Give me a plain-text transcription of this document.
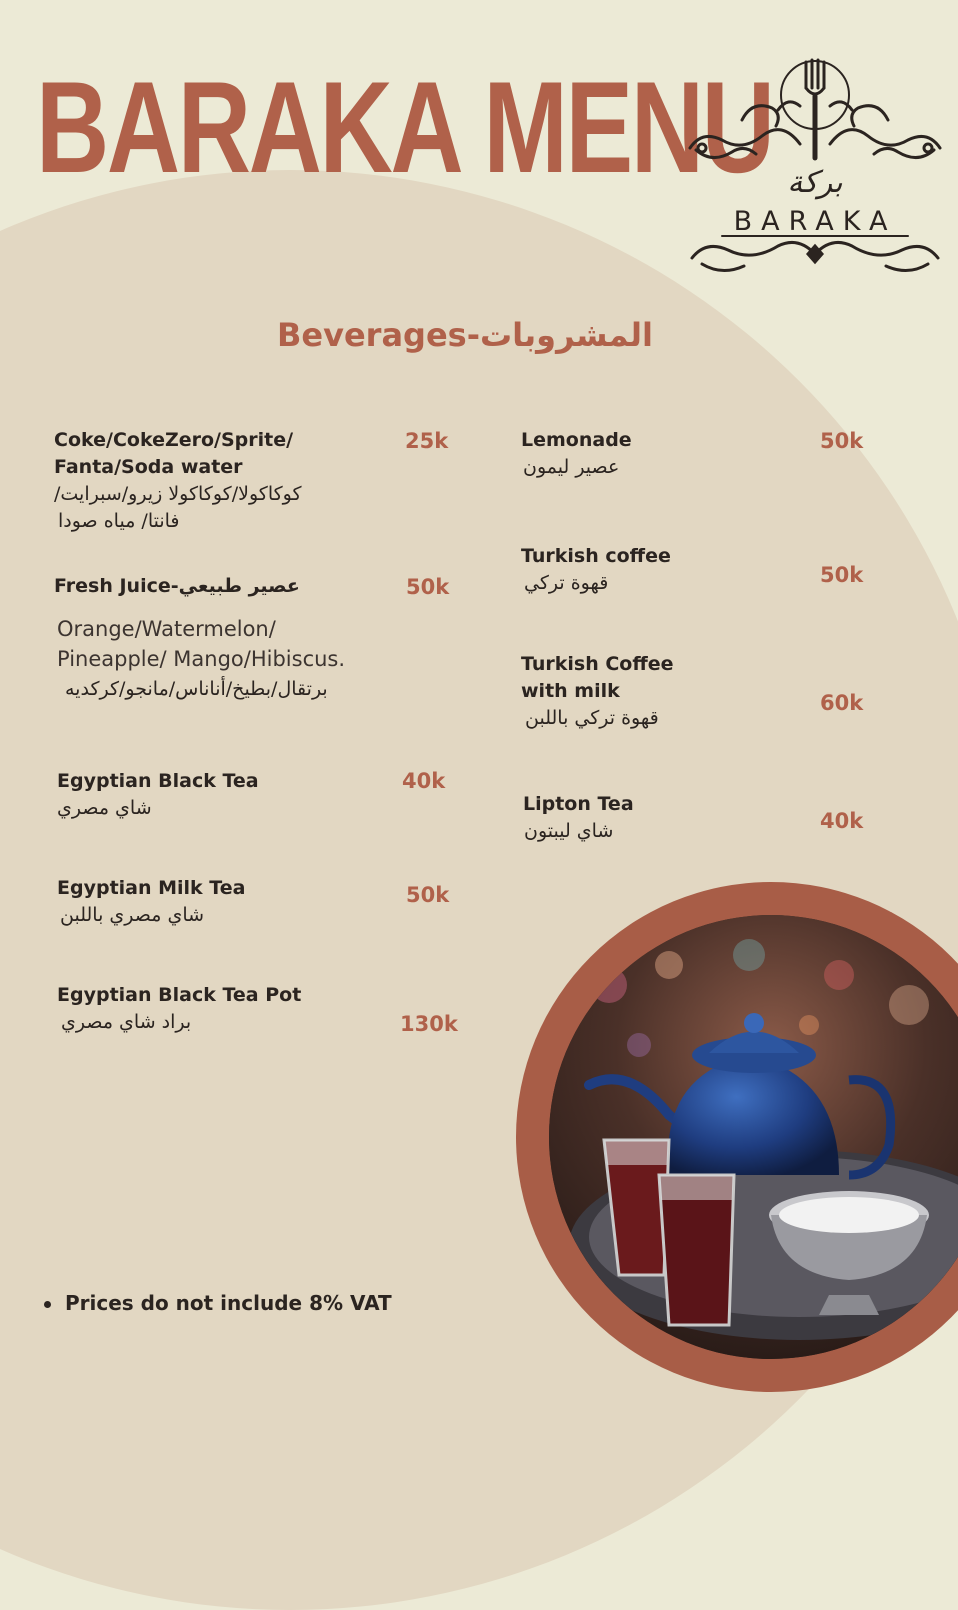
BARAKA MENU بركة
BARAKA
Beverages-المشروبات
Coke/CokeZero/Sprite/
Fanta/Soda water
كوكاكولا/كوكاكولا زيرو/سبرايت/
فانتا/ مياه صودا
25k
Fresh Juice-عصير طبيعي
Orange/Watermelon/
Pineapple/ Mango/Hibiscus.
برتقال/بطيخ/أناناس/مانجو/كركديه
50k
Egyptian Black Tea
شاي مصري
40k
Egyptian Milk Tea
شاي مصري باللبن
50k
Egyptian Black Tea Pot
براد شاي مصري	130k
Lemonade
عصير ليمون
50k
Turkish coffee
قهوة تركي	50k
Turkish Coffee
with milk
قهوة تركي باللبن
60k
Lipton Tea
شاي ليبتون	40k
Prices do not include 8% VAT
